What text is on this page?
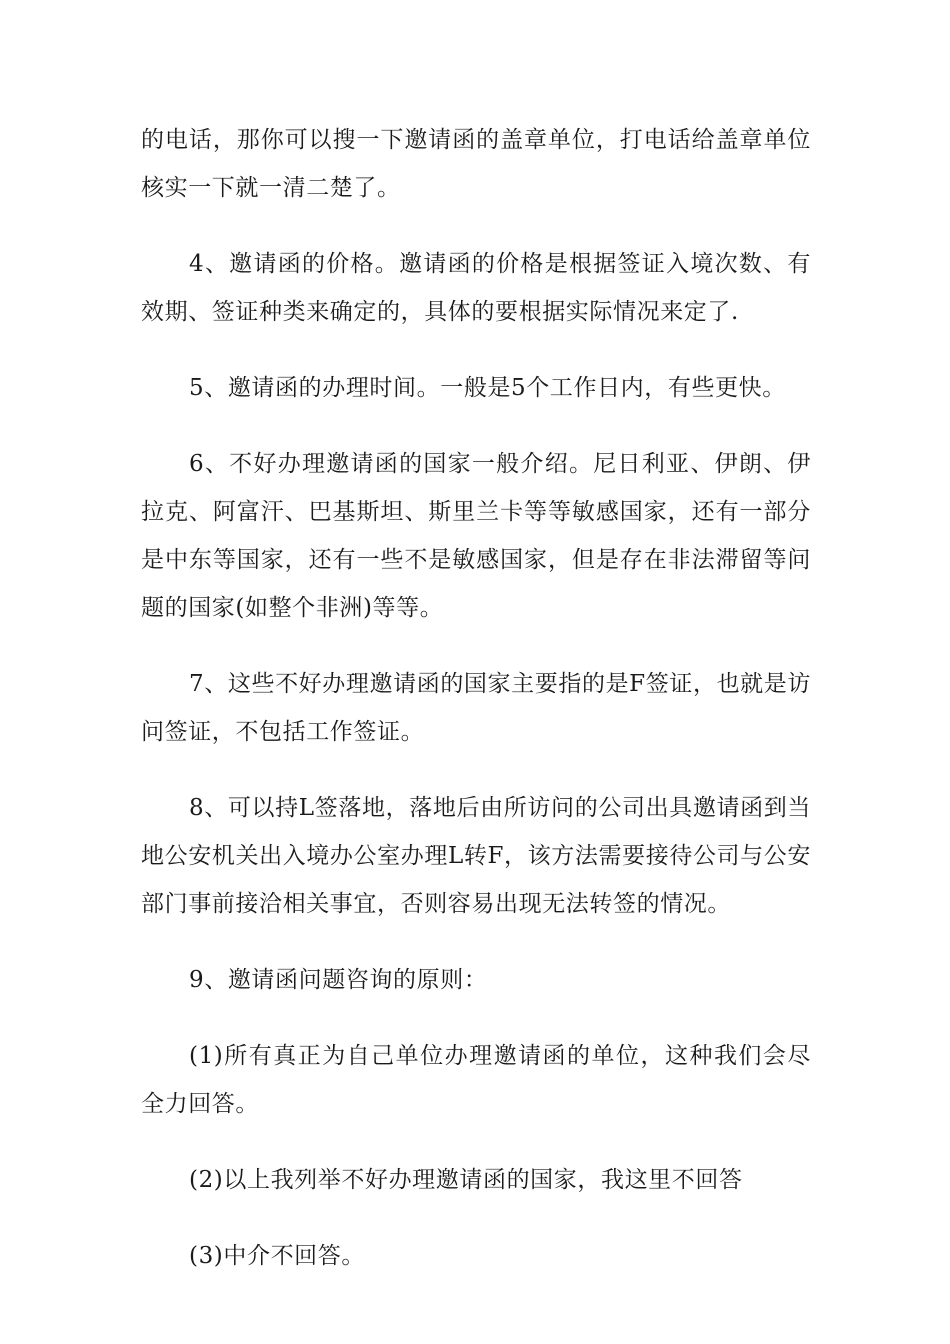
的电话，那你可以搜一下邀请函的盖章单位，打电话给盖章单位核实一下就一清二楚了。

4、邀请函的价格。邀请函的价格是根据签证入境次数、有效期、签证种类来确定的，具体的要根据实际情况来定了.

5、邀请函的办理时间。一般是5个工作日内，有些更快。

6、不好办理邀请函的国家一般介绍。尼日利亚、伊朗、伊拉克、阿富汗、巴基斯坦、斯里兰卡等等敏感国家，还有一部分是中东等国家，还有一些不是敏感国家，但是存在非法滞留等问题的国家(如整个非洲)等等。

7、这些不好办理邀请函的国家主要指的是F签证，也就是访问签证，不包括工作签证。

8、可以持L签落地，落地后由所访问的公司出具邀请函到当地公安机关出入境办公室办理L转F，该方法需要接待公司与公安部门事前接洽相关事宜，否则容易出现无法转签的情况。

9、邀请函问题咨询的原则：

(1)所有真正为自己单位办理邀请函的单位，这种我们会尽全力回答。

(2)以上我列举不好办理邀请函的国家，我这里不回答

(3)中介不回答。
